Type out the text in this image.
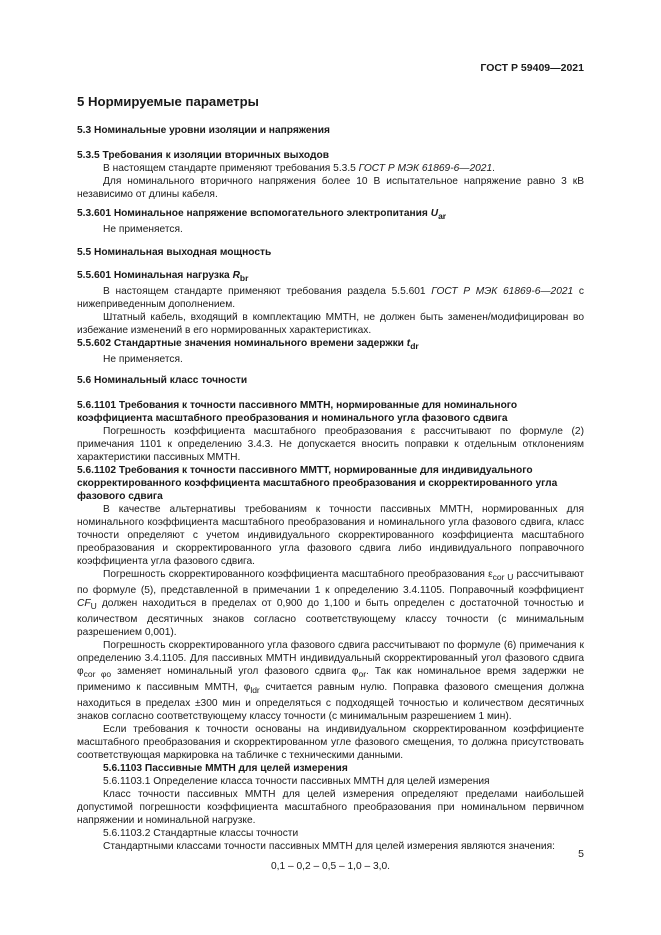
ГОСТ Р 59409—2021
5 Нормируемые параметры
5.3 Номинальные уровни изоляции и напряжения
5.3.5 Требования к изоляции вторичных выходов
В настоящем стандарте применяют требования 5.3.5 ГОСТ Р МЭК 61869-6—2021.
Для номинального вторичного напряжения более 10 В испытательное напряжение равно 3 кВ независимо от длины кабеля.
5.3.601 Номинальное напряжение вспомогательного электропитания $U_{ar}$
Не применяется.
5.5 Номинальная выходная мощность
5.5.601 Номинальная нагрузка $R_{br}$
В настоящем стандарте применяют требования раздела 5.5.601 ГОСТ Р МЭК 61869-6—2021 с нижеприведенным дополнением.
Штатный кабель, входящий в комплектацию ММТН, не должен быть заменен/модифицирован во избежание изменений в его нормированных характеристиках.
5.5.602 Стандартные значения номинального времени задержки $t_{dr}$
Не применяется.
5.6 Номинальный класс точности
5.6.1101 Требования к точности пассивного ММТН, нормированные для номинального коэффициента масштабного преобразования и номинального угла фазового сдвига
Погрешность коэффициента масштабного преобразования ε рассчитывают по формуле (2) примечания 1101 к определению 3.4.3. Не допускается вносить поправки к отдельным отклонениям характеристики пассивных ММТН.
5.6.1102 Требования к точности пассивного ММТТ, нормированные для индивидуального скорректированного коэффициента масштабного преобразования и скорректированного угла фазового сдвига
В качестве альтернативы требованиям к точности пассивных ММТН, нормированных для номинального коэффициента масштабного преобразования и номинального угла фазового сдвига, класс точности определяют с учетом индивидуального скорректированного коэффициента масштабного преобразования и скорректированного угла фазового сдвига либо индивидуального поправочного коэффициента угла фазового сдвига.
Погрешность скорректированного коэффициента масштабного преобразования $\varepsilon_{cor U}$ рассчитывают по формуле (5), представленной в примечании 1 к определению 3.4.1105. Поправочный коэффициент $CF_U$ должен находиться в пределах от 0,900 до 1,100 и быть определен с достаточной точностью и количеством десятичных знаков согласно соответствующему классу точности (с минимальным разрешением 0,001).
Погрешность скорректированного угла фазового сдвига рассчитывают по формуле (6) примечания к определению 3.4.1105. Для пассивных ММТН индивидуальный скорректированный угол фазового сдвига $\varphi_{cor \varphi o}$ заменяет номинальный угол фазового сдвига $\varphi_{or}$. Так как номинальное время задержки не применимо к пассивным ММТН, $\varphi_{ldr}$ считается равным нулю. Поправка фазового смещения должна находиться в пределах ±300 мин и определяться с подходящей точностью и количеством десятичных знаков согласно соответствующему классу точности (с минимальным разрешением 1 мин).
Если требования к точности основаны на индивидуальном скорректированном коэффициенте масштабного преобразования и скорректированном угле фазового смещения, то должна присутствовать соответствующая маркировка на табличке с техническими данными.
5.6.1103 Пассивные ММТН для целей измерения
5.6.1103.1 Определение класса точности пассивных ММТН для целей измерения
Класс точности пассивных ММТН для целей измерения определяют пределами наибольшей допустимой погрешности коэффициента масштабного преобразования при номинальном первичном напряжении и номинальной нагрузке.
5.6.1103.2 Стандартные классы точности
Стандартными классами точности пассивных ММТН для целей измерения являются значения:
0,1 – 0,2 – 0,5 – 1,0 – 3,0.
5
